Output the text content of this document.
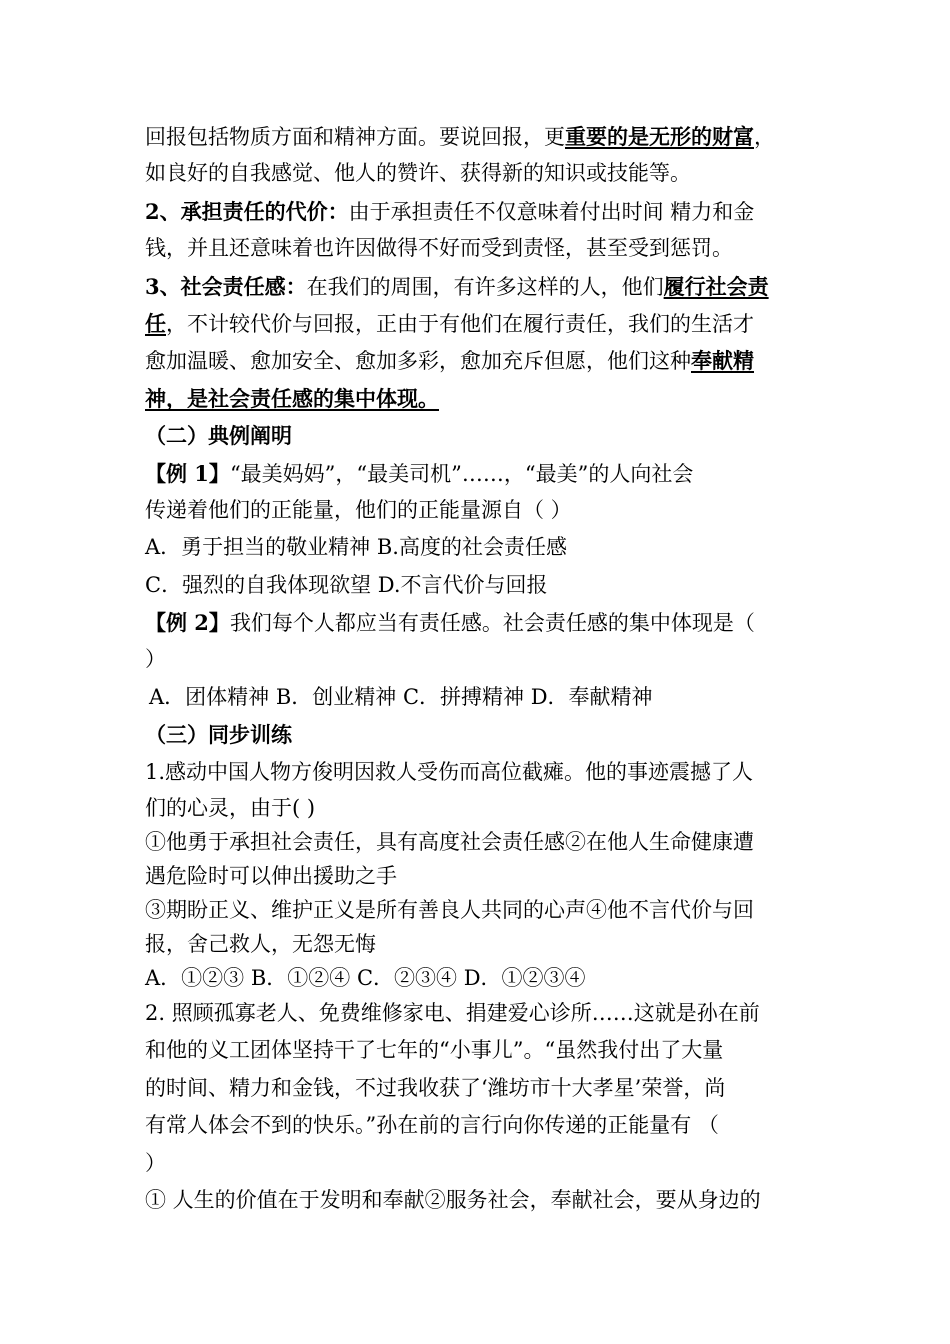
回报包括物质方面和精神方面。要说回报，更重要的是无形的财富，
如良好的自我感觉、他人的赞许、获得新的知识或技能等。
2、承担责任的代价：由于承担责任不仅意味着付出时间 精力和金
钱，并且还意味着也许因做得不好而受到责怪，甚至受到惩罚。
3、社会责任感：在我们的周围，有许多这样的人，他们履行社会责
任，不计较代价与回报，正由于有他们在履行责任，我们的生活才
愈加温暖、愈加安全、愈加多彩，愈加充斥但愿，他们这种奉献精
神，是社会责任感的集中体现。
（二）典例阐明
【例 1】“最美妈妈”，“最美司机”……，“最美”的人向社会
传递着他们的正能量，他们的正能量源自（ ）
A．勇于担当的敬业精神 B.高度的社会责任感
C．强烈的自我体现欲望 D.不言代价与回报
【例 2】我们每个人都应当有责任感。社会责任感的集中体现是（
）
A．团体精神 B．创业精神 C．拼搏精神 D．奉献精神
（三）同步训练
1.感动中国人物方俊明因救人受伤而高位截瘫。他的事迹震撼了人
们的心灵，由于( )
①他勇于承担社会责任，具有高度社会责任感②在他人生命健康遭
遇危险时可以伸出援助之手
③期盼正义、维护正义是所有善良人共同的心声④他不言代价与回
报，舍己救人，无怨无悔
A．①②③ B．①②④ C．②③④ D．①②③④
2. 照顾孤寡老人、免费维修家电、捐建爱心诊所……这就是孙在前
和他的义工团体坚持干了七年的“小事儿”。“虽然我付出了大量
的时间、精力和金钱，不过我收获了‘潍坊市十大孝星’荣誉，尚
有常人体会不到的快乐。”孙在前的言行向你传递的正能量有 （
）
① 人生的价值在于发明和奉献②服务社会，奉献社会，要从身边的
